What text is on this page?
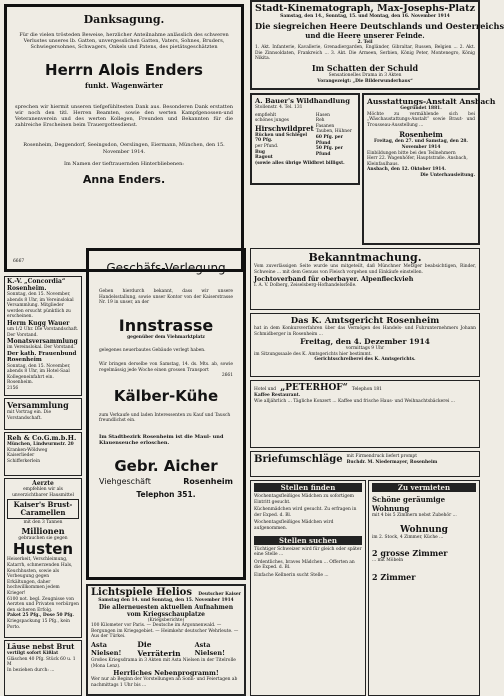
Danksagung.
Für die vielen trösteden Beweise, herzlicher Anteilnahme anlässlich des schweren Verlustes unseres lb. Gatten, unvergesslichen Gatten, Vaters, Sohnes, Bruders, Schwiegersohnes, Schwagers, Onkels und Patens, des pietätsgeschätzten
Herrn Alois Enders
funkt. Wagenwärter
sprechen wir hiermit unseren tiefgefühltesten Dank aus. Besonderen Dank erstatten wir noch den titl. Herren Beamten, sowie den werten Kampfgenossen-und Veteranenverein und des werten Kollegen, Freunden und Bekannten für die zahlreiche Erscheinen beim Trauergottesdienst.
Rosenheim, Deggendorf, Seeingsdon, Oerslingen, Eiermann, München, den 15. November 1914.
Im Namen der tieftrauernden Hinterbliebenen:
Anna Enders.
6667
Stadt-Kinematograph, Max-Josephs-Platz
Samstag, den 14., Sonntag, 15. und Montag, den 16. November 1914
Die siegreichen Heere Deutschlands und Oesterreichs
und die Heere unserer Feinde.
2. Teil
1. Akt. Infanterie, Kavallerie, Grenadiergarden, Engländer, Gibraltar, Russen, Belgien ... 2. Akt. Die Zinnsoldaten, Frankreich ... 3. Akt. Die Armeen, Serbien, König Peter, Montenegro, König Nikita.
Im Schatten der Schuld
Sensationelles Drama in 3 Akten
Vorangezeigt: „Die Bilderwunderhaus“
A. Bauer's Wildhandlung
Stollenstr. 4. Tel. 131
empfiehlt
schönes junges
Hirschwildpret
Rücken und Schlegel 70 Pfg.
per Pfund.
Bug
Ragout
Hasen
Reh
Fasanen
Tauben, Hühner
60 Pfg. per Pfund
50 Pfg. per Pfund
(sowie alles übrige Wildbret billigst.
Ausstattungs-Anstalt Ansbach
Gegründet 1881.
Möchte zu vermählende sich bei „Wäschaustattungs-Anstalt“ sowie Braut- und Trousseau-Ausstellung ...
Rosenheim
Freitag, den 27. und Samstag, den 28. November 1914
Einbildungen bitte bei den Teilnehmern
Herr 22. Wagenhöfer, Hauptstraße. Ansbach, Kleinfaulhaus.
Ansbach, den 12. Oktober 1914.
Die Unterhausleitung.
Bekanntmachung.
Vom zuverlässigen Seite wurde uns mitgeteilt, daß Münchner Metzger beabsichtigen, Rinder, Schweine ... mit dem Genuss von Fleisch vorgehen und Einkäufe einstellen.
Jochtoverband für oberbayer. Alpenfleckvieh
I. A. V. Dolberg, Zeiselsberg-Hofhandelsstelle.
Das K. Amtsgericht Rosenheim
hat in dem Konkursverfahren über das Vermögen des Handels- und Fuhrunternehmers Johann Schmidberger in Rosenheim ...
Freitag, den 4. Dezember 1914
vormittags 9 Uhr
im Sitzungssaale des K. Amtsgerichts hier bestimmt.
Gerichtsschreiberei des K. Amtsgerichts.
Hotel und „PETERHOF“ Telephon 181
Kaffee Restaurant.
Wie alljährlich ... Tägliche Konzert ... Kaffee und frische Haus- und Weihnachtsbäckerei ...
Briefumschläge mit Firmendruck liefert prompt
Buchdr. M. Niedermayer, Rosenheim
Stellen finden
Wochentagsfleißiges Mädchen zu sofortigem Eintritt gesucht.
Küchenmädchen wird gesucht. Zu erfragen in der Exped. d. Bl.
Wochentagsfleißiges Mädchen wird aufgenommen.
Stellen suchen
Tüchtiger Schweizer wird für gleich oder später eine Stelle ...
Ordentliches, braves Mädchen ... Offerten an die Exped. d. Bl.
Einfache Kellnerin sucht Stelle ...
Zu vermieten
Schöne geräumige Wohnung
mit 4 bis 5 Zimmern nebst Zubehör ...
Wohnung
im 2. Stock, 4 Zimmer, Küche ...
2 grosse Zimmer
... mit Möbeln
2 Zimmer
K.-V. „Concordia“ Rosenheim.
Sonntag, den 15. November, abends 8 Uhr, im Vereinslokal Versammlung. Mitglieder werden ersucht pünktlich zu erscheinen.
Herm Kugg Wauer
um 1/2 Uhr. Die Vorstandschaft. Der Vorstand.
Monatsversammlung
im Vereinslokal. Der Vorstand.
Der kath. Frauenbund Rosenheim
Sonntag, den 15. November, abends 8 Uhr, im Hotel-Saal Kollegeneinfahrt ein. Rosenheim.
2156
Versammlung
mit Vortrag ein. Die Vorstandschaft.
Reh & Co.G.m.b.H.
München, Lindwurmstr. 20
Kranken-Wöldweg
Kaiserlieder
Schifferkerlein
Aerzte
empfehlen wir als unverzichtbarer Hausmittel
Kaiser's Brust-Caramellen
mit den 3 Tannen
Millionen
gebrauchen sie gegen
Husten
Heiserkeit, Verschleimung, Katarrh, schmerzenden Hals, Keuchhusten, sowie als Vorbeugung gegen Erkältungen, daher hochwillkommen jedem Krieger!
6100 not. begl. Zeugnisse von Aerzten und Privaten verbürgen den sicheren Erfolg.
Paket 25 Pfg., Dose 50 Pfg.
Kriegspackung 15 Pfg., kein Porto.
Läuse nebst Brut
vertilgt sofort Kißlat
Gläschen 40 Pfg. Stück 60 u. 1 M
In beziehen durch: ...
Geschäfs-Verlegung
Geben hierdurch bekannt, dass wir unsere Handelsstallung, sowie unser Kontor von der Kaiserstrasse Nr. 19 in unser, an der
Innstrasse
gegenüber dem Viehmarktplatz
gelegenes neuerbautes Gebäude verlegt haben.
Wir bringen derselbe von Samstag, 14. ds. Mts. ab, sowie regelmässig jede Woche einen grossen Transport
2661
Kälber-Kühe
zum Verkaufe und laden Interessenten zu Kauf und Tausch freundlichst ein.
Im Stadtbezirk Rosenheim ist die Maul- und Klauenseuche erloschen.
Gebr. Aicher
Viehgeschäft	Rosenheim
Telephon 351.
Lichtspiele Helios Deutscher Kaiser
Samstag den 14. und Sonntag, den 15. November 1914
Die allerneuesten aktuellen Aufnahmen vom Kriegsschauplatze
(Kriegsberichte)
100 Kilometer vor Paris. — Deutsche im Argonnenwald. — Bergungen im Kriegsgebiet. — Heimkehr deutscher Wehrleute. — Aus der Türkei.
Asta Nielsen!
Die Verräterin
Asta Nielsen!
Großes Kriegsdrama in 3 Akten mit Asta Nielsen in der Titelrolle (Mona Lenz).
Herrliches Nebenprogramm!
Wer nur ab Beginn der Vorstellungen an Sonn- und Feiertagen ab nachmittags 1 Uhr bis ...
